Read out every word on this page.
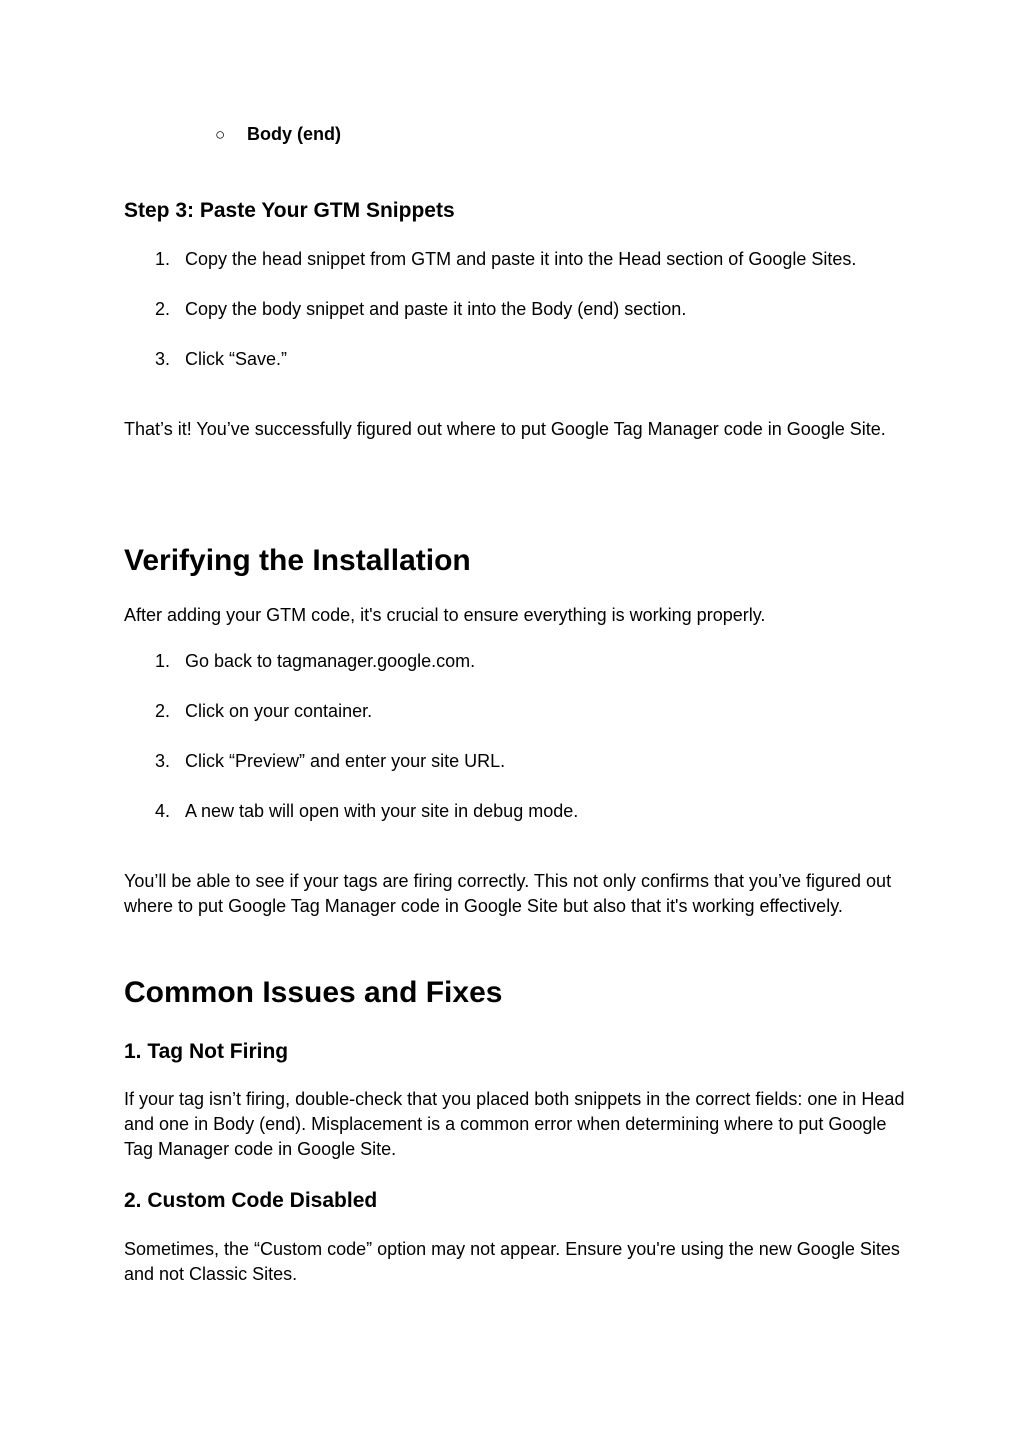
○ Body (end)
Step 3: Paste Your GTM Snippets
1. Copy the head snippet from GTM and paste it into the Head section of Google Sites.
2. Copy the body snippet and paste it into the Body (end) section.
3. Click “Save.”

That’s it! You’ve successfully figured out where to put Google Tag Manager code in Google Site.

Verifying the Installation

After adding your GTM code, it's crucial to ensure everything is working properly.

1. Go back to tagmanager.google.com.
2. Click on your container.
3. Click “Preview” and enter your site URL.
4. A new tab will open with your site in debug mode.

You’ll be able to see if your tags are firing correctly. This not only confirms that you’ve figured out where to put Google Tag Manager code in Google Site but also that it's working effectively.

Common Issues and Fixes
1. Tag Not Firing

If your tag isn’t firing, double-check that you placed both snippets in the correct fields: one in Head and one in Body (end). Misplacement is a common error when determining where to put Google Tag Manager code in Google Site.

2. Custom Code Disabled

Sometimes, the “Custom code” option may not appear. Ensure you're using the new Google Sites and not Classic Sites.
